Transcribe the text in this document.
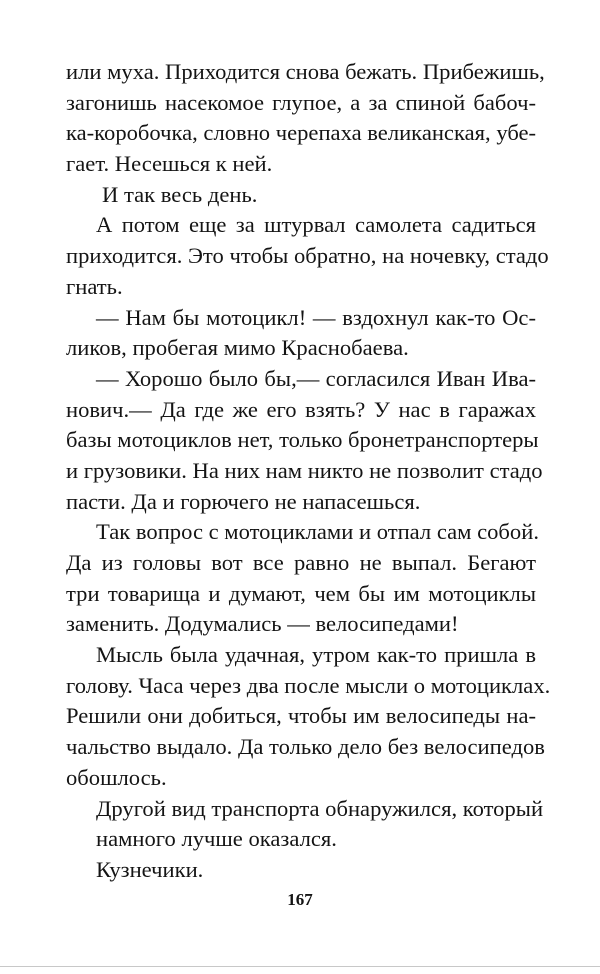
или муха. Приходится снова бежать. Прибежишь,
загонишь насекомое глупое, а за спиной бабоч-
ка-коробочка, словно черепаха великанская, убе-
гает. Несешься к ней.
И так весь день.
А потом еще за штурвал самолета садиться
приходится. Это чтобы обратно, на ночевку, стадо
гнать.
— Нам бы мотоцикл! — вздохнул как-то Ос-
ликов, пробегая мимо Краснобаева.
— Хорошо было бы,— согласился Иван Ива-
нович.— Да где же его взять? У нас в гаражах
базы мотоциклов нет, только бронетранспортеры
и грузовики. На них нам никто не позволит стадо
пасти. Да и горючего не напасешься.
Так вопрос с мотоциклами и отпал сам собой.
Да из головы вот все равно не выпал. Бегают
три товарища и думают, чем бы им мотоциклы
заменить. Додумались — велосипедами!
Мысль была удачная, утром как-то пришла в
голову. Часа через два после мысли о мотоциклах.
Решили они добиться, чтобы им велосипеды на-
чальство выдало. Да только дело без велосипедов
обошлось.
Другой вид транспорта обнаружился, который
намного лучше оказался.
Кузнечики.
167
